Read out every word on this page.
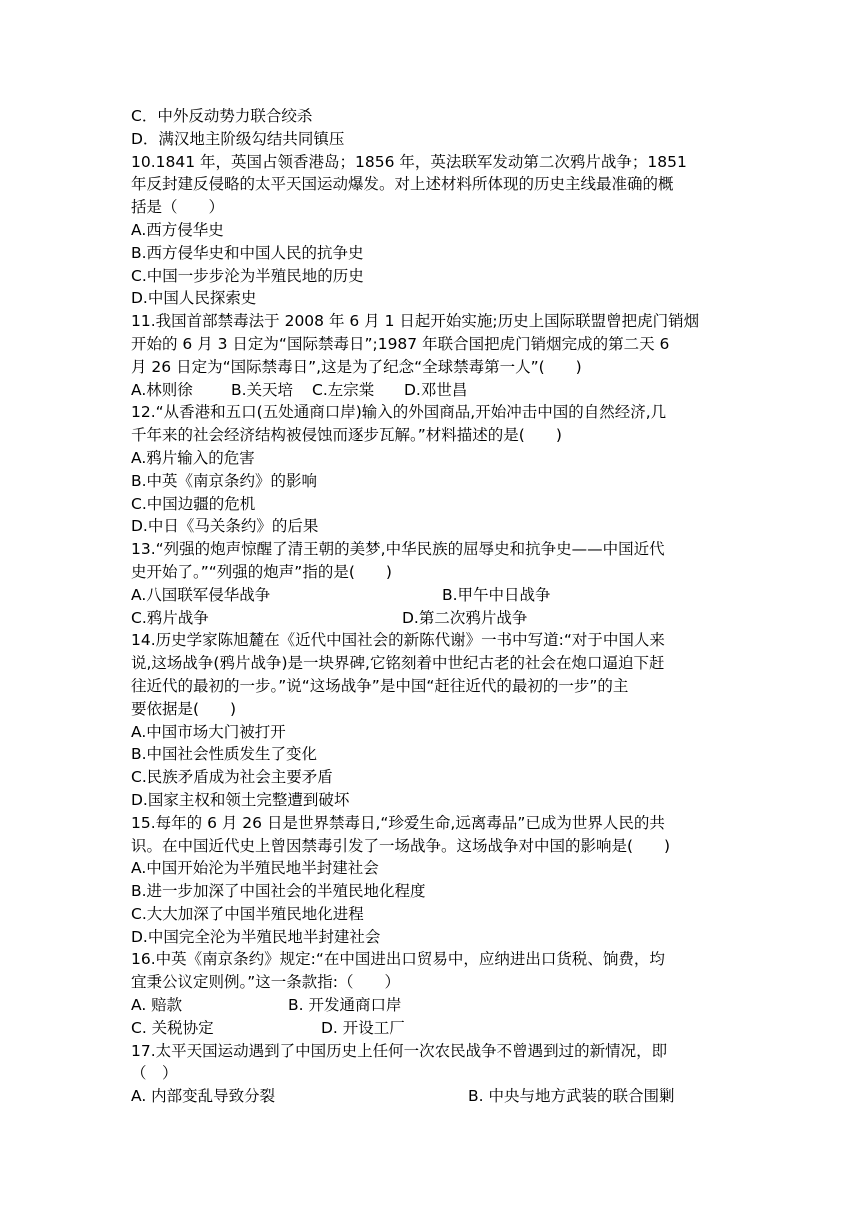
C．中外反动势力联合绞杀
D．满汉地主阶级勾结共同镇压
10.1841 年，英国占领香港岛；1856 年，英法联军发动第二次鸦片战争；1851
年反封建反侵略的太平天国运动爆发。对上述材料所体现的历史主线最准确的概
括是（　　）
A.西方侵华史
B.西方侵华史和中国人民的抗争史
C.中国一步步沦为半殖民地的历史
D.中国人民探索史
11.我国首部禁毒法于 2008 年 6 月 1 日起开始实施;历史上国际联盟曾把虎门销烟
开始的 6 月 3 日定为“国际禁毒日”;1987 年联合国把虎门销烟完成的第二天 6
月 26 日定为“国际禁毒日”,这是为了纪念“全球禁毒第一人”(　　)

A.林则徐

B.关天培

C.左宗棠

D.邓世昌

12.“从香港和五口(五处通商口岸)输入的外国商品,开始冲击中国的自然经济,几
千年来的社会经济结构被侵蚀而逐步瓦解。”材料描述的是(　　)
A.鸦片输入的危害
B.中英《南京条约》的影响
C.中国边疆的危机
D.中日《马关条约》的后果
13.“列强的炮声惊醒了清王朝的美梦,中华民族的屈辱史和抗争史——中国近代
史开始了。”“列强的炮声”指的是(　　)

A.八国联军侵华战争

	B.甲午中日战争

C.鸦片战争

	D.第二次鸦片战争

14.历史学家陈旭麓在《近代中国社会的新陈代谢》一书中写道:“对于中国人来
说,这场战争(鸦片战争)是一块界碑,它铭刻着中世纪古老的社会在炮口逼迫下赶
往近代的最初的一步。”说“这场战争”是中国“赶往近代的最初的一步”的主
要依据是(　　)
A.中国市场大门被打开
B.中国社会性质发生了变化
C.民族矛盾成为社会主要矛盾
D.国家主权和领土完整遭到破坏
15.每年的 6 月 26 日是世界禁毒日,“珍爱生命,远离毒品”已成为世界人民的共
识。在中国近代史上曾因禁毒引发了一场战争。这场战争对中国的影响是(　　)
A.中国开始沦为半殖民地半封建社会
B.进一步加深了中国社会的半殖民地化程度
C.大大加深了中国半殖民地化进程
D.中国完全沦为半殖民地半封建社会
16.中英《南京条约》规定:“在中国进出口贸易中，应纳进出口货税、饷费，均
宜秉公议定则例。”这一条款指:（　　）

A. 赔款

	B. 开发通商口岸

C. 关税协定

	D. 开设工厂

17.太平天国运动遇到了中国历史上任何一次农民战争不曾遇到过的新情况，即
（　）

A. 内部变乱导致分裂

	B. 中央与地方武装的联合围剿
